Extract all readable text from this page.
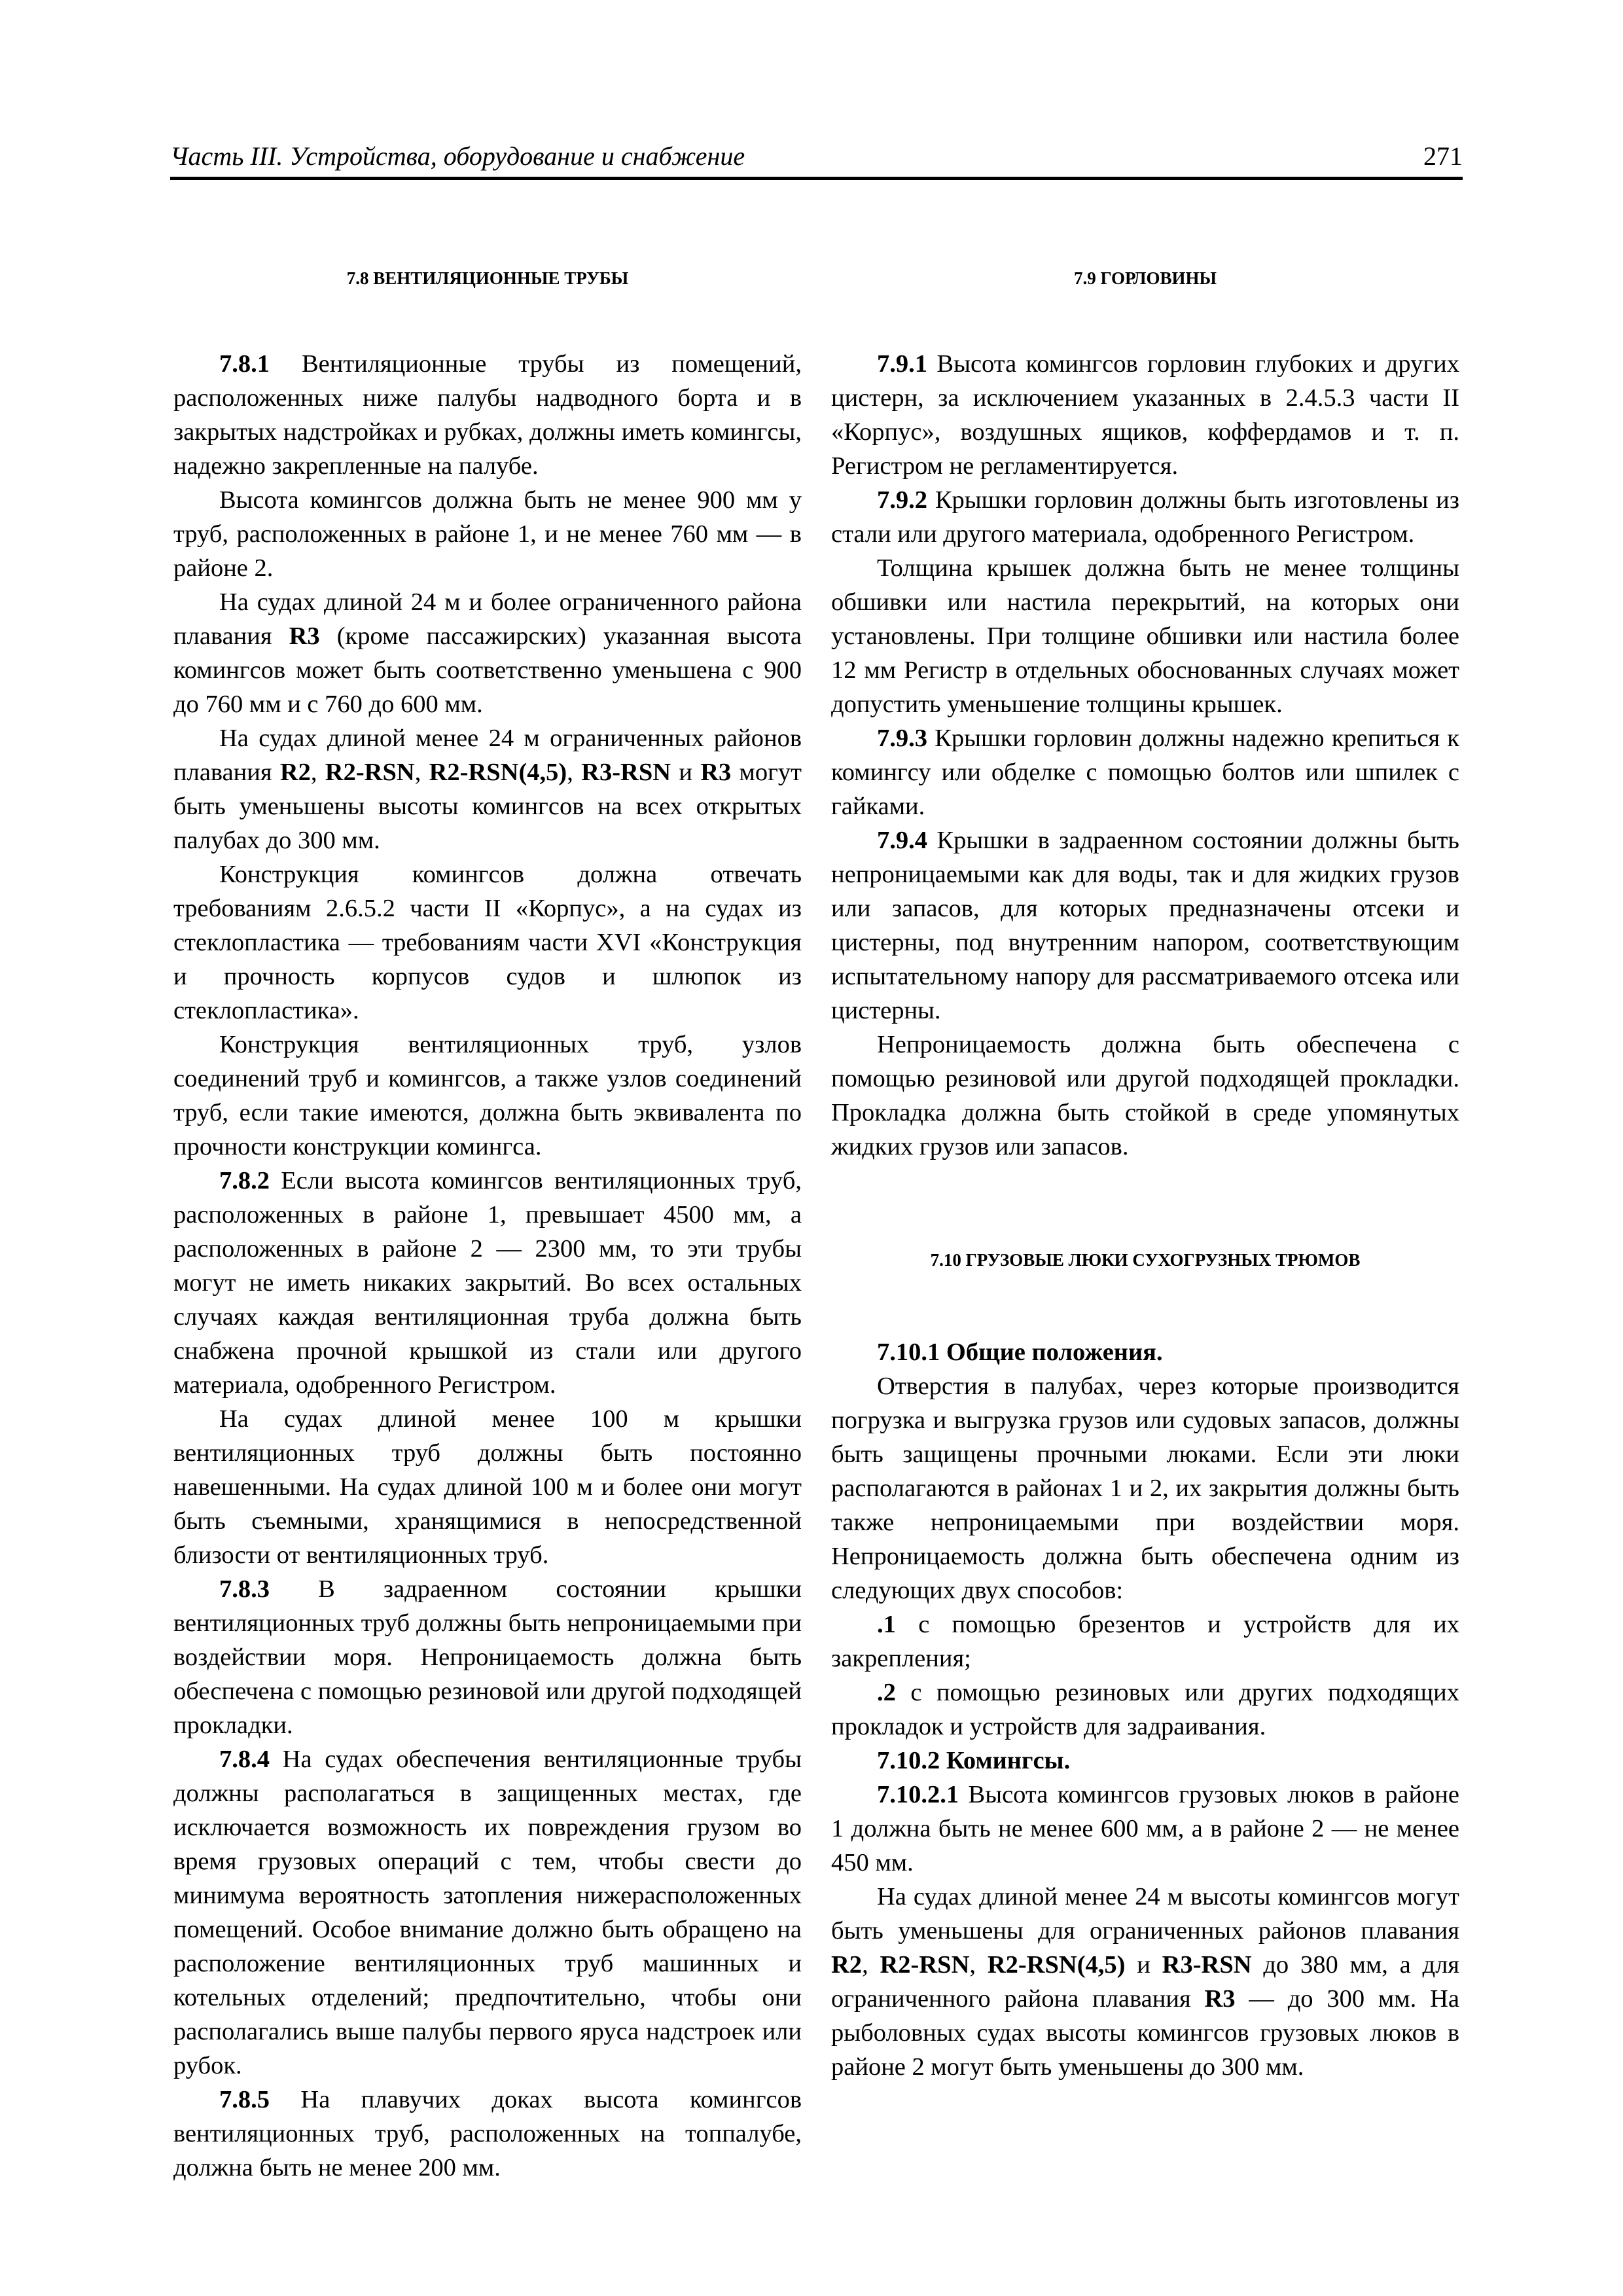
Часть III. Устройства, оборудование и снабжение	271
7.8 ВЕНТИЛЯЦИОННЫЕ ТРУБЫ

7.8.1 Вентиляционные трубы из помещений, расположенных ниже палубы надводного борта и в закрытых надстройках и рубках, должны иметь комингсы, надежно закрепленные на палубе.

Высота комингсов должна быть не менее 900 мм у труб, расположенных в районе 1, и не менее 760 мм — в районе 2.

На судах длиной 24 м и более ограниченного района плавания R3 (кроме пассажирских) указанная высота комингсов может быть соответственно уменьшена с 900 до 760 мм и с 760 до 600 мм.

На судах длиной менее 24 м ограниченных районов плавания R2, R2-RSN, R2-RSN(4,5), R3-RSN и R3 могут быть уменьшены высоты комингсов на всех открытых палубах до 300 мм.

Конструкция комингсов должна отвечать требованиям 2.6.5.2 части II «Корпус», а на судах из стеклопластика — требованиям части XVI «Конструкция и прочность корпусов судов и шлюпок из стеклопластика».

Конструкция вентиляционных труб, узлов соединений труб и комингсов, а также узлов соединений труб, если такие имеются, должна быть эквивалента по прочности конструкции комингса.

7.8.2 Если высота комингсов вентиляционных труб, расположенных в районе 1, превышает 4500 мм, а расположенных в районе 2 — 2300 мм, то эти трубы могут не иметь никаких закрытий. Во всех остальных случаях каждая вентиляционная труба должна быть снабжена прочной крышкой из стали или другого материала, одобренного Регистром.

На судах длиной менее 100 м крышки вентиляционных труб должны быть постоянно навешенными. На судах длиной 100 м и более они могут быть съемными, хранящимися в непосредственной близости от вентиляционных труб.

7.8.3 В задраенном состоянии крышки вентиляционных труб должны быть непроницаемыми при воздействии моря. Непроницаемость должна быть обеспечена с помощью резиновой или другой подходящей прокладки.

7.8.4 На судах обеспечения вентиляционные трубы должны располагаться в защищенных местах, где исключается возможность их повреждения грузом во время грузовых операций с тем, чтобы свести до минимума вероятность затопления нижерасположенных помещений. Особое внимание должно быть обращено на расположение вентиляционных труб машинных и котельных отделений; предпочтительно, чтобы они располагались выше палубы первого яруса надстроек или рубок.

7.8.5 На плавучих доках высота комингсов вентиляционных труб, расположенных на топпалубе, должна быть не менее 200 мм.

7.9 ГОРЛОВИНЫ

7.9.1 Высота комингсов горловин глубоких и других цистерн, за исключением указанных в 2.4.5.3 части II «Корпус», воздушных ящиков, коффердамов и т. п. Регистром не регламентируется.

7.9.2 Крышки горловин должны быть изготовлены из стали или другого материала, одобренного Регистром.

Толщина крышек должна быть не менее толщины обшивки или настила перекрытий, на которых они установлены. При толщине обшивки или настила более 12 мм Регистр в отдельных обоснованных случаях может допустить уменьшение толщины крышек.

7.9.3 Крышки горловин должны надежно крепиться к комингсу или обделке с помощью болтов или шпилек с гайками.

7.9.4 Крышки в задраенном состоянии должны быть непроницаемыми как для воды, так и для жидких грузов или запасов, для которых предназначены отсеки и цистерны, под внутренним напором, соответствующим испытательному напору для рассматриваемого отсека или цистерны.

Непроницаемость должна быть обеспечена с помощью резиновой или другой подходящей прокладки. Прокладка должна быть стойкой в среде упомянутых жидких грузов или запасов.

7.10 ГРУЗОВЫЕ ЛЮКИ СУХОГРУЗНЫХ ТРЮМОВ

7.10.1 Общие положения.

Отверстия в палубах, через которые производится погрузка и выгрузка грузов или судовых запасов, должны быть защищены прочными люками. Если эти люки располагаются в районах 1 и 2, их закрытия должны быть также непроницаемыми при воздействии моря. Непроницаемость должна быть обеспечена одним из следующих двух способов:

.1 с помощью брезентов и устройств для их закрепления;

.2 с помощью резиновых или других подходящих прокладок и устройств для задраивания.

7.10.2 Комингсы.

7.10.2.1 Высота комингсов грузовых люков в районе 1 должна быть не менее 600 мм, а в районе 2 — не менее 450 мм.

На судах длиной менее 24 м высоты комингсов могут быть уменьшены для ограниченных районов плавания R2, R2-RSN, R2-RSN(4,5) и R3-RSN до 380 мм, а для ограниченного района плавания R3 — до 300 мм. На рыболовных судах высоты комингсов грузовых люков в районе 2 могут быть уменьшены до 300 мм.
